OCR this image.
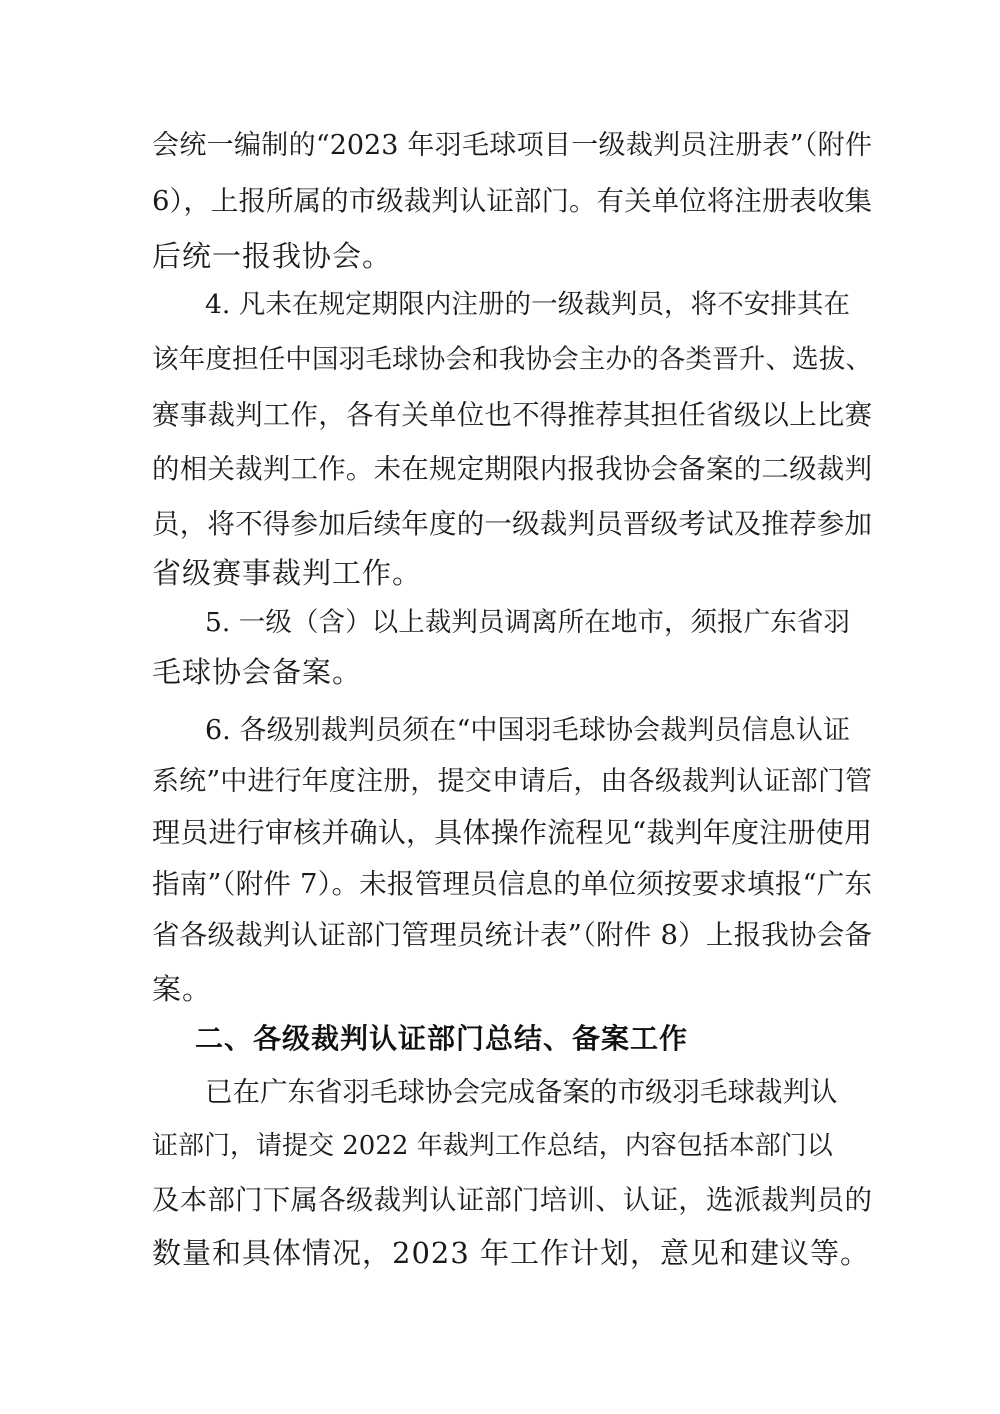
会统一编制的“2023 年羽毛球项目一级裁判员注册表”（附件
6），上报所属的市级裁判认证部门。有关单位将注册表收集
后统一报我协会。
4. 凡未在规定期限内注册的一级裁判员，将不安排其在
该年度担任中国羽毛球协会和我协会主办的各类晋升、选拔、
赛事裁判工作，各有关单位也不得推荐其担任省级以上比赛
的相关裁判工作。未在规定期限内报我协会备案的二级裁判
员，将不得参加后续年度的一级裁判员晋级考试及推荐参加
省级赛事裁判工作。
5. 一级（含）以上裁判员调离所在地市，须报广东省羽
毛球协会备案。
6. 各级别裁判员须在“中国羽毛球协会裁判员信息认证
系统”中进行年度注册，提交申请后，由各级裁判认证部门管
理员进行审核并确认，具体操作流程见“裁判年度注册使用
指南”（附件 7）。未报管理员信息的单位须按要求填报“广东
省各级裁判认证部门管理员统计表”（附件 8）上报我协会备
案。
二、各级裁判认证部门总结、备案工作
已在广东省羽毛球协会完成备案的市级羽毛球裁判认
证部门，请提交 2022 年裁判工作总结，内容包括本部门以
及本部门下属各级裁判认证部门培训、认证，选派裁判员的
数量和具体情况，2023 年工作计划，意见和建议等。
